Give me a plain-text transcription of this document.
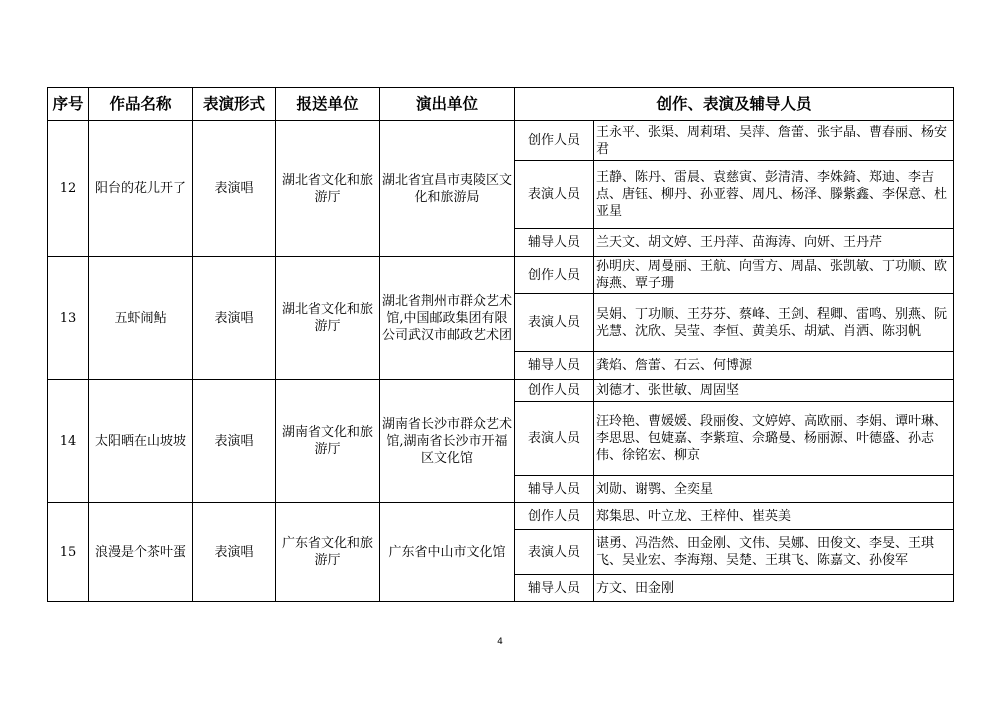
序号	作品名称	表演形式	报送单位	演出单位	创作、表演及辅导人员	
12	阳台的花儿开了	表演唱	湖北省文化和旅游厅	湖北省宜昌市夷陵区文化和旅游局	创作人员	王永平、张渠、周莉珺、吴萍、詹蕾、张宇晶、曹春丽、杨安君
					表演人员	王静、陈丹、雷晨、袁慈寅、彭清清、李姝錡、郑迪、李吉点、唐钰、柳丹、孙亚蓉、周凡、杨泽、滕紫鑫、李保意、杜亚星
					辅导人员	兰天文、胡文婷、王丹萍、苗海涛、向妍、王丹芹
13	五虾闹鲇	表演唱	湖北省文化和旅游厅	湖北省荆州市群众艺术馆,中国邮政集团有限公司武汉市邮政艺术团	创作人员	孙明庆、周曼丽、王航、向雪方、周晶、张凯敏、丁功顺、欧海燕、覃子珊
					表演人员	吴娟、丁功顺、王芬芬、蔡峰、王剑、程卿、雷鸣、别燕、阮光慧、沈欣、吴莹、李恒、黄美乐、胡斌、肖洒、陈羽帆
					辅导人员	龚焰、詹蕾、石云、何博源
14	太阳晒在山坡坡	表演唱	湖南省文化和旅游厅	湖南省长沙市群众艺术馆,湖南省长沙市开福区文化馆	创作人员	刘德才、张世敏、周固坚
					表演人员	汪玲艳、曹媛媛、段丽俊、文婷婷、高欧丽、李娟、谭叶琳、李思思、包婕嘉、李紫瑄、佘璐曼、杨丽源、叶德盛、孙志伟、徐铭宏、柳京
					辅导人员	刘勋、谢鹗、全奕星
15	浪漫是个茶叶蛋	表演唱	广东省文化和旅游厅	广东省中山市文化馆	创作人员	郑集思、叶立龙、王梓仲、崔英美
					表演人员	谌勇、冯浩然、田金刚、文伟、吴娜、田俊文、李旻、王琪飞、吴业宏、李海翔、吴楚、王琪飞、陈嘉文、孙俊军
					辅导人员	方文、田金刚
4
